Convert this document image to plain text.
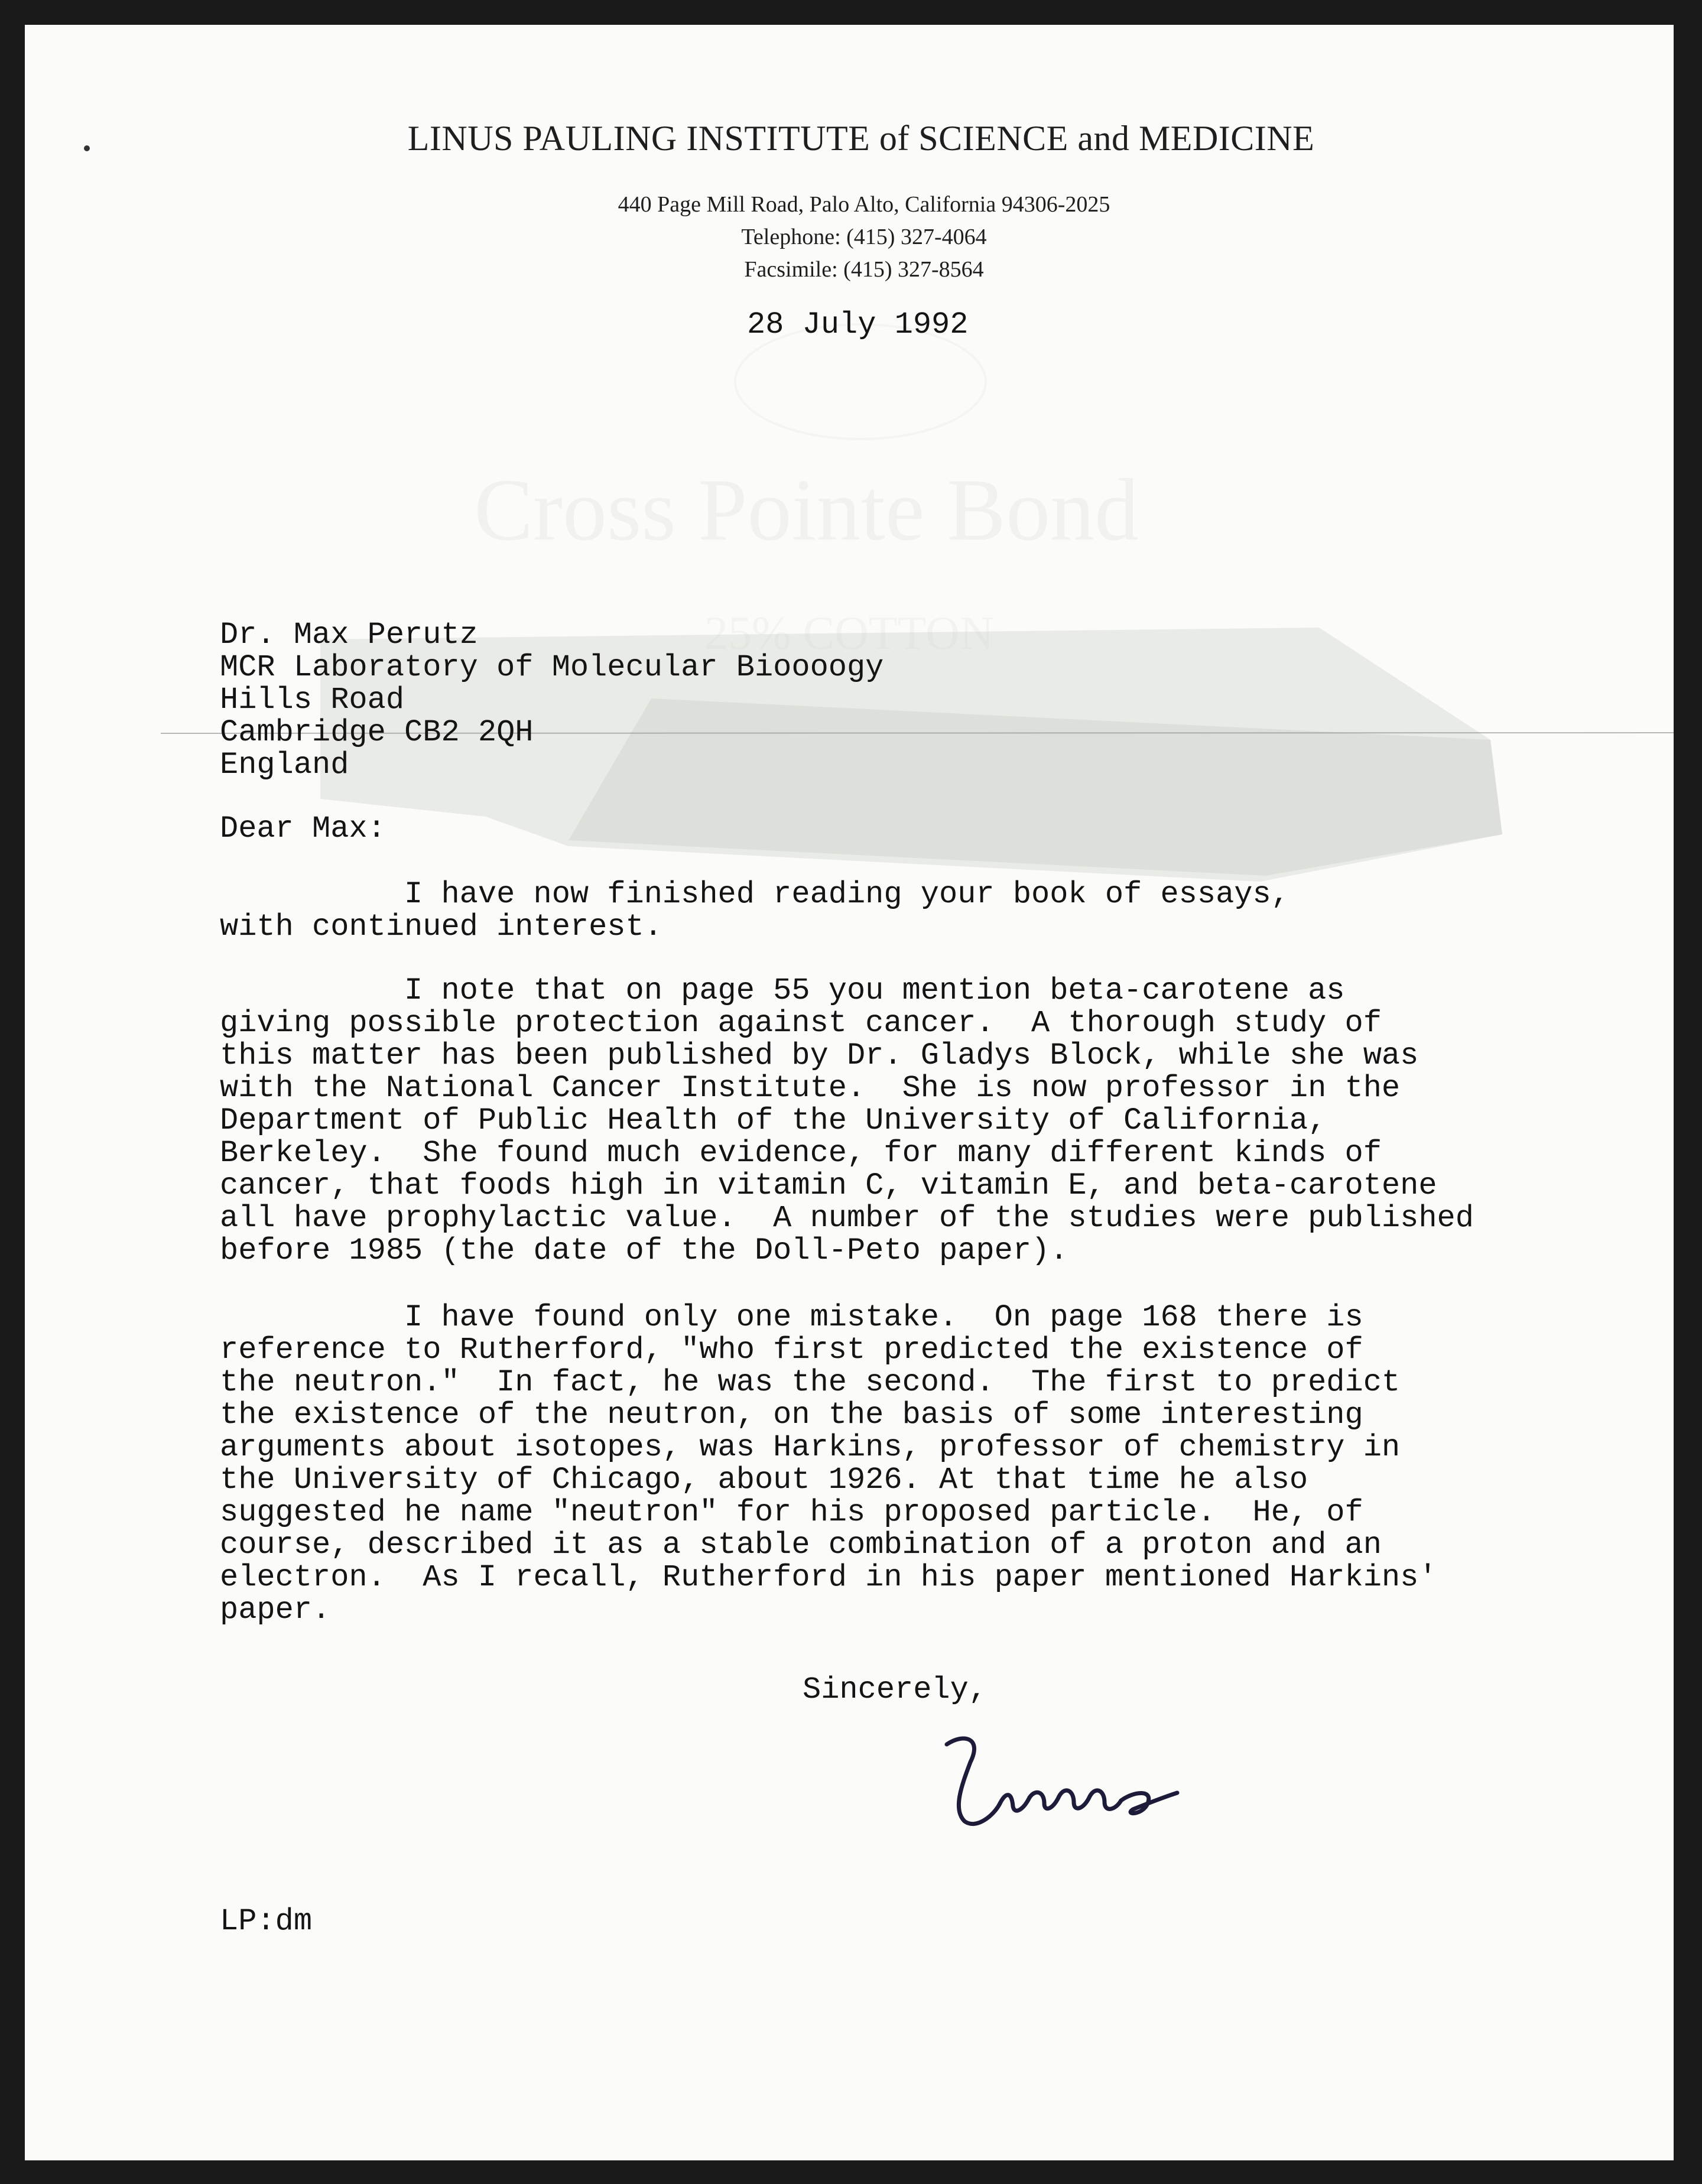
Cross Pointe Bond
25% COTTON
LINUS PAULING INSTITUTE of SCIENCE and MEDICINE
440 Page Mill Road, Palo Alto, California 94306-2025
Telephone: (415) 327-4064
Facsimile: (415) 327-8564
28 July 1992
Dr. Max Perutz
MCR Laboratory of Molecular Bioooogy
Hills Road
Cambridge CB2 2QH
England
Dear Max:
I have now finished reading your book of essays,
with continued interest.
I note that on page 55 you mention beta-carotene as
giving possible protection against cancer.  A thorough study of
this matter has been published by Dr. Gladys Block, while she was
with the National Cancer Institute.  She is now professor in the
Department of Public Health of the University of California,
Berkeley.  She found much evidence, for many different kinds of
cancer, that foods high in vitamin C, vitamin E, and beta-carotene
all have prophylactic value.  A number of the studies were published
before 1985 (the date of the Doll-Peto paper).
I have found only one mistake.  On page 168 there is
reference to Rutherford, "who first predicted the existence of
the neutron."  In fact, he was the second.  The first to predict
the existence of the neutron, on the basis of some interesting
arguments about isotopes, was Harkins, professor of chemistry in
the University of Chicago, about 1926. At that time he also
suggested he name "neutron" for his proposed particle.  He, of
course, described it as a stable combination of a proton and an
electron.  As I recall, Rutherford in his paper mentioned Harkins'
paper.
Sincerely,
LP:dm
